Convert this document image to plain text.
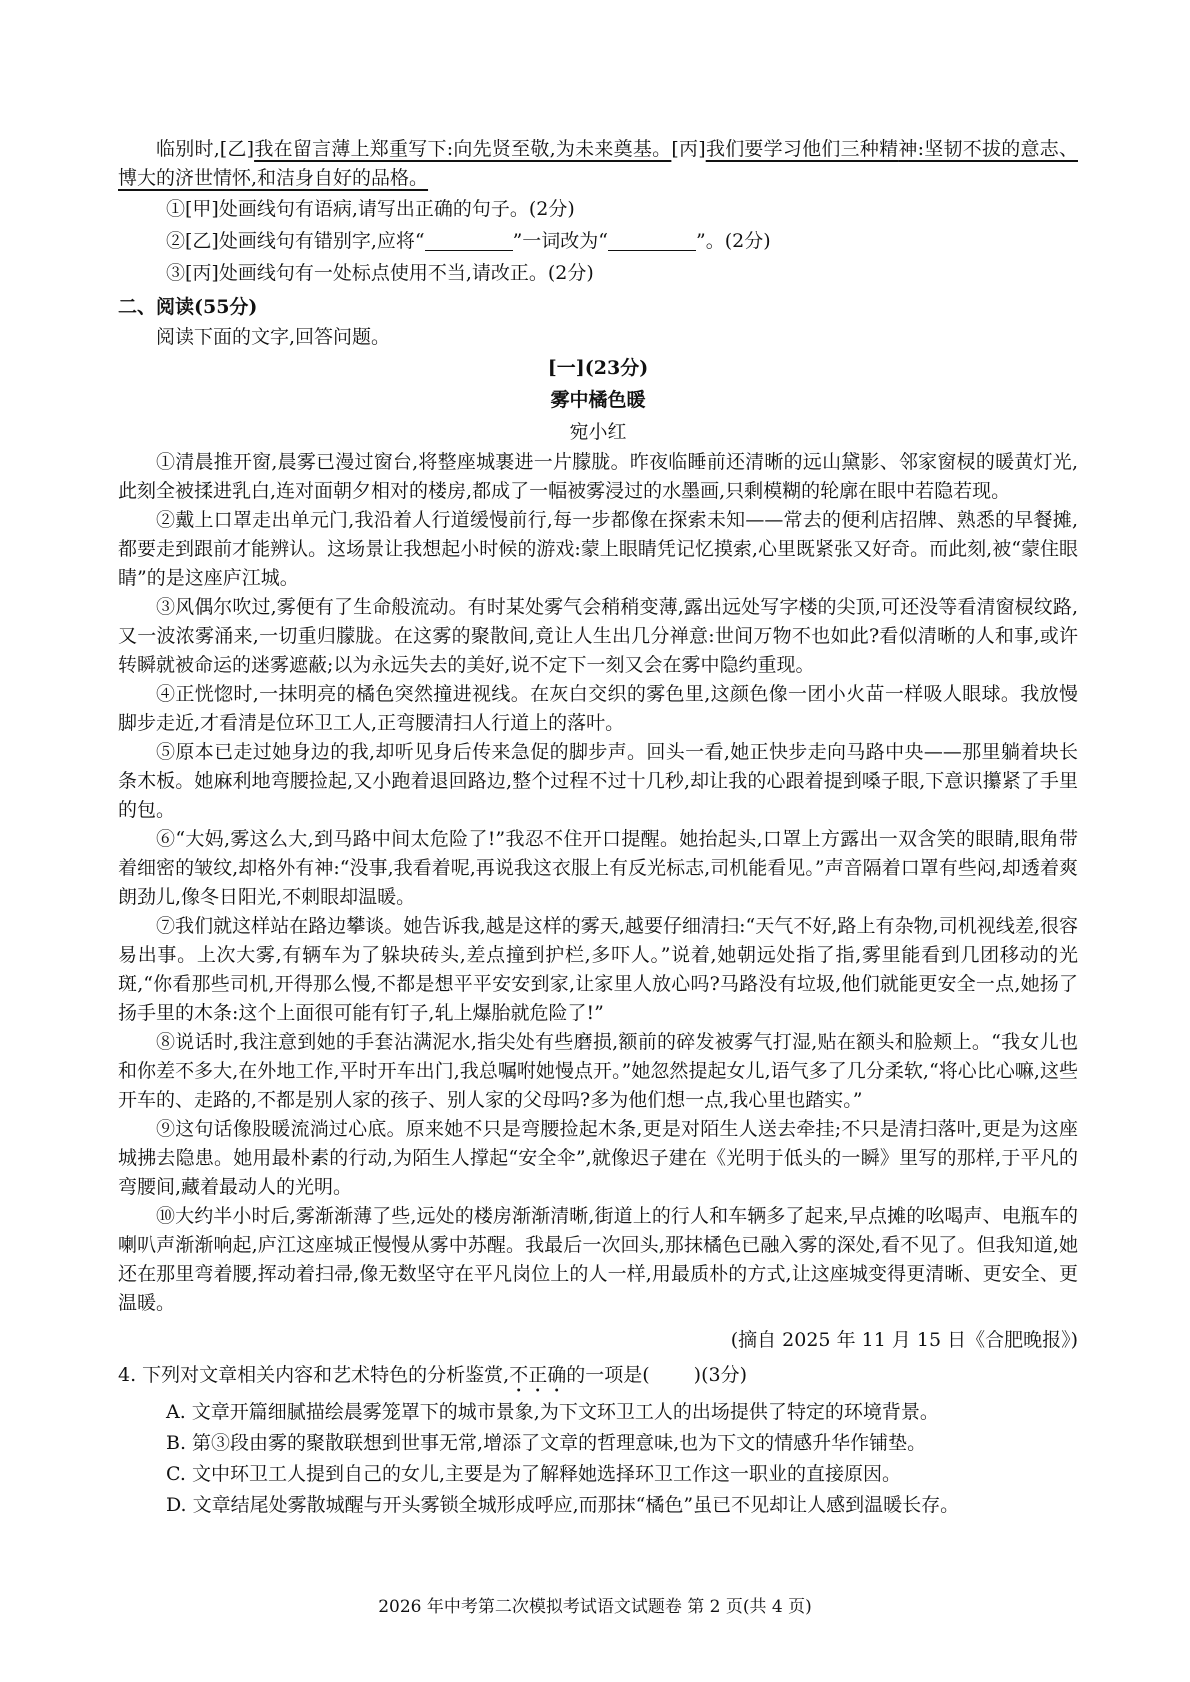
临别时,[乙]我在留言薄上郑重写下:向先贤至敬,为未来奠基。[丙]我们要学习他们三种精神:坚韧不拔的意志、博大的济世情怀,和洁身自好的品格。

①[甲]处画线句有语病,请写出正确的句子。(2分)

②[乙]处画线句有错别字,应将“	”一词改为“	”。(2分)

③[丙]处画线句有一处标点使用不当,请改正。(2分)

二、阅读(55分)

阅读下面的文字,回答问题。

[一](23分)

雾中橘色暖

宛小红

①清晨推开窗,晨雾已漫过窗台,将整座城裹进一片朦胧。昨夜临睡前还清晰的远山黛影、邻家窗棂的暖黄灯光,此刻全被揉进乳白,连对面朝夕相对的楼房,都成了一幅被雾浸过的水墨画,只剩模糊的轮廓在眼中若隐若现。

②戴上口罩走出单元门,我沿着人行道缓慢前行,每一步都像在探索未知——常去的便利店招牌、熟悉的早餐摊,都要走到跟前才能辨认。这场景让我想起小时候的游戏:蒙上眼睛凭记忆摸索,心里既紧张又好奇。而此刻,被“蒙住眼睛”的是这座庐江城。

③风偶尔吹过,雾便有了生命般流动。有时某处雾气会稍稍变薄,露出远处写字楼的尖顶,可还没等看清窗棂纹路,又一波浓雾涌来,一切重归朦胧。在这雾的聚散间,竟让人生出几分禅意:世间万物不也如此?看似清晰的人和事,或许转瞬就被命运的迷雾遮蔽;以为永远失去的美好,说不定下一刻又会在雾中隐约重现。

④正恍惚时,一抹明亮的橘色突然撞进视线。在灰白交织的雾色里,这颜色像一团小火苗一样吸人眼球。我放慢脚步走近,才看清是位环卫工人,正弯腰清扫人行道上的落叶。

⑤原本已走过她身边的我,却听见身后传来急促的脚步声。回头一看,她正快步走向马路中央——那里躺着块长条木板。她麻利地弯腰捡起,又小跑着退回路边,整个过程不过十几秒,却让我的心跟着提到嗓子眼,下意识攥紧了手里的包。

⑥“大妈,雾这么大,到马路中间太危险了!”我忍不住开口提醒。她抬起头,口罩上方露出一双含笑的眼睛,眼角带着细密的皱纹,却格外有神:“没事,我看着呢,再说我这衣服上有反光标志,司机能看见。”声音隔着口罩有些闷,却透着爽朗劲儿,像冬日阳光,不刺眼却温暖。

⑦我们就这样站在路边攀谈。她告诉我,越是这样的雾天,越要仔细清扫:“天气不好,路上有杂物,司机视线差,很容易出事。上次大雾,有辆车为了躲块砖头,差点撞到护栏,多吓人。”说着,她朝远处指了指,雾里能看到几团移动的光斑,“你看那些司机,开得那么慢,不都是想平平安安到家,让家里人放心吗?马路没有垃圾,他们就能更安全一点,她扬了扬手里的木条:这个上面很可能有钉子,轧上爆胎就危险了!”

⑧说话时,我注意到她的手套沾满泥水,指尖处有些磨损,额前的碎发被雾气打湿,贴在额头和脸颊上。“我女儿也和你差不多大,在外地工作,平时开车出门,我总嘱咐她慢点开。”她忽然提起女儿,语气多了几分柔软,“将心比心嘛,这些开车的、走路的,不都是别人家的孩子、别人家的父母吗?多为他们想一点,我心里也踏实。”

⑨这句话像股暖流淌过心底。原来她不只是弯腰捡起木条,更是对陌生人送去牵挂;不只是清扫落叶,更是为这座城拂去隐患。她用最朴素的行动,为陌生人撑起“安全伞”,就像迟子建在《光明于低头的一瞬》里写的那样,于平凡的弯腰间,藏着最动人的光明。

⑩大约半小时后,雾渐渐薄了些,远处的楼房渐渐清晰,街道上的行人和车辆多了起来,早点摊的吆喝声、电瓶车的喇叭声渐渐响起,庐江这座城正慢慢从雾中苏醒。我最后一次回头,那抹橘色已融入雾的深处,看不见了。但我知道,她还在那里弯着腰,挥动着扫帚,像无数坚守在平凡岗位上的人一样,用最质朴的方式,让这座城变得更清晰、更安全、更温暖。

(摘自 2025 年 11 月 15 日《合肥晚报》)

4. 下列对文章相关内容和艺术特色的分析鉴赏,不正确的一项是( )(3分)

A. 文章开篇细腻描绘晨雾笼罩下的城市景象,为下文环卫工人的出场提供了特定的环境背景。

B. 第③段由雾的聚散联想到世事无常,增添了文章的哲理意味,也为下文的情感升华作铺垫。

C. 文中环卫工人提到自己的女儿,主要是为了解释她选择环卫工作这一职业的直接原因。

D. 文章结尾处雾散城醒与开头雾锁全城形成呼应,而那抹“橘色”虽已不见却让人感到温暖长存。

2026 年中考第二次模拟考试语文试题卷 第 2 页(共 4 页)
